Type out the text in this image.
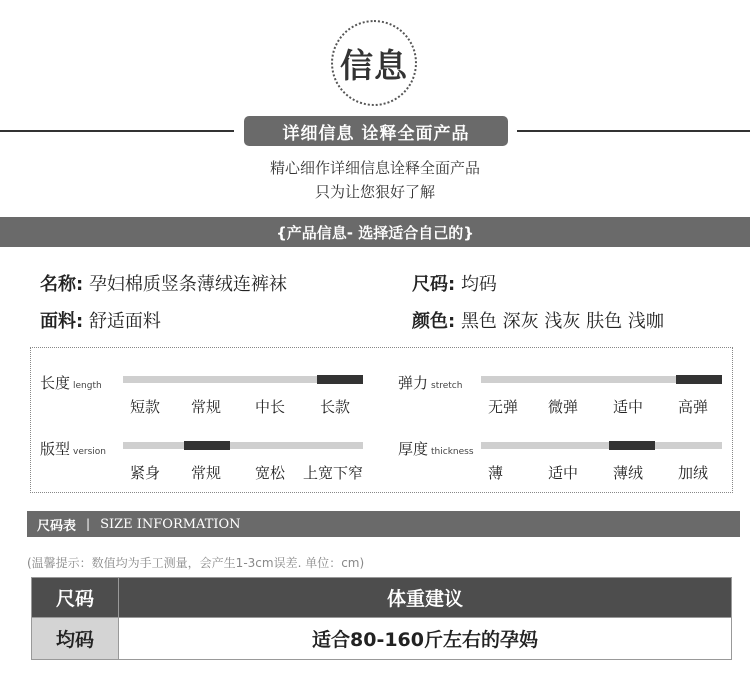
信息
详细信息 诠释全面产品
精心细作详细信息诠释全面产品
只为让您狠好了解
{产品信息- 选择适合自己的}
名称: 孕妇棉质竖条薄绒连裤袜	尺码: 均码
面料: 舒适面料	颜色: 黑色 深灰 浅灰 肤色 浅咖
长度 length
短款 常规 中长 长款
弹力 stretch
无弹 微弹 适中 高弹
版型 version
紧身 常规 宽松 上宽下窄
厚度 thickness
薄	适中 薄绒 加绒
尺码表 | SIZE INFORMATION
(温馨提示：数值均为手工测量，会产生1-3cm误差. 单位：cm)
尺码	体重建议
均码	适合80-160斤左右的孕妈
